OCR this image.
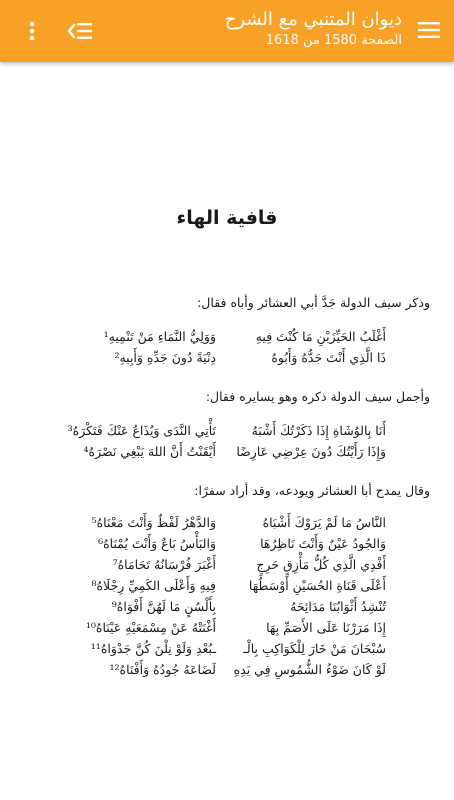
ديوان المتنبي مع الشرح
الصفحة 1580 من 1618
قافية الهاء
وذكر سيف الدولة جَدَّ أبي العشائر وأباه فقال:
أَغْلَبُ الحَيِّزَيْنِ مَا كُنْتَ فِيهِ
وَوَلِيُّ النَّمَاءِ مَنْ تَنْمِيهِ¹
ذَا الَّذِي أَنْتَ جَدُّهُ وَأَبُوهُ
دِنْيَةً دُونَ جَدِّهِ وَأَبِيهِ²
وأجمل سيف الدولة ذكره وهو يسايره فقال:
أَنَا بِالوُشَاةِ إِذَا ذَكَرْتُكَ أَشْبَهُ
تَأْتِي النَّدَى وَيُذَاعُ عَنْكَ فَتَكْرَهُ³
وَإِذَا رَأَيْتُكَ دُونَ عِرْضِي عَارِضًا
أَيْقَنْتُ أَنَّ اللهَ يَبْغِي نَصْرَهُ⁴
وقال يمدح أبا العشائر ويودعه، وقد أراد سفرًا:
النَّاسُ مَا لَمْ يَرَوْكَ أَشْبَاهُ
وَالدَّهْرُ لَفْظٌ وَأَنْتَ مَعْنَاهُ⁵
وَالجُودُ عَيْنٌ وَأَنْتَ نَاظِرُهَا
وَالبَأْسُ بَاعٌ وَأَنْتَ يُمْنَاهُ⁶
أَفْدِي الَّذِي كُلُّ مَأْزِقٍ حَرِجٍ
أَغْبَرَ فُرْسَانُهُ تَحَامَاهُ⁷
أَعْلَى قَنَاةِ الحُسَيْنِ أَوْسَطُهَا
فِيهِ وَأَعْلَى الكَمِيِّ رِجْلَاهُ⁸
تُنْشِدُ أَثْوَابُنَا مَدَائِحَهُ
بِأَلْسُنٍ مَا لَهُنَّ أَفْوَاهُ⁹
إِذَا مَرَرْنَا عَلَى الأَصَمِّ بِهَا
أَغْنَتْهُ عَنْ مِسْمَعَيْهِ عَيْنَاهُ¹⁰
سُبْحَانَ مَنْ خَارَ لِلْكَوَاكِبِ بِالْـ
ـبُعْدِ وَلَوْ نِلْنَ كُنَّ جَدْوَاهُ¹¹
لَوْ كَانَ ضَوْءُ الشُّمُوسِ فِي يَدِهِ
لَضَاعَهُ جُودُهُ وَأَفْنَاهُ¹²
